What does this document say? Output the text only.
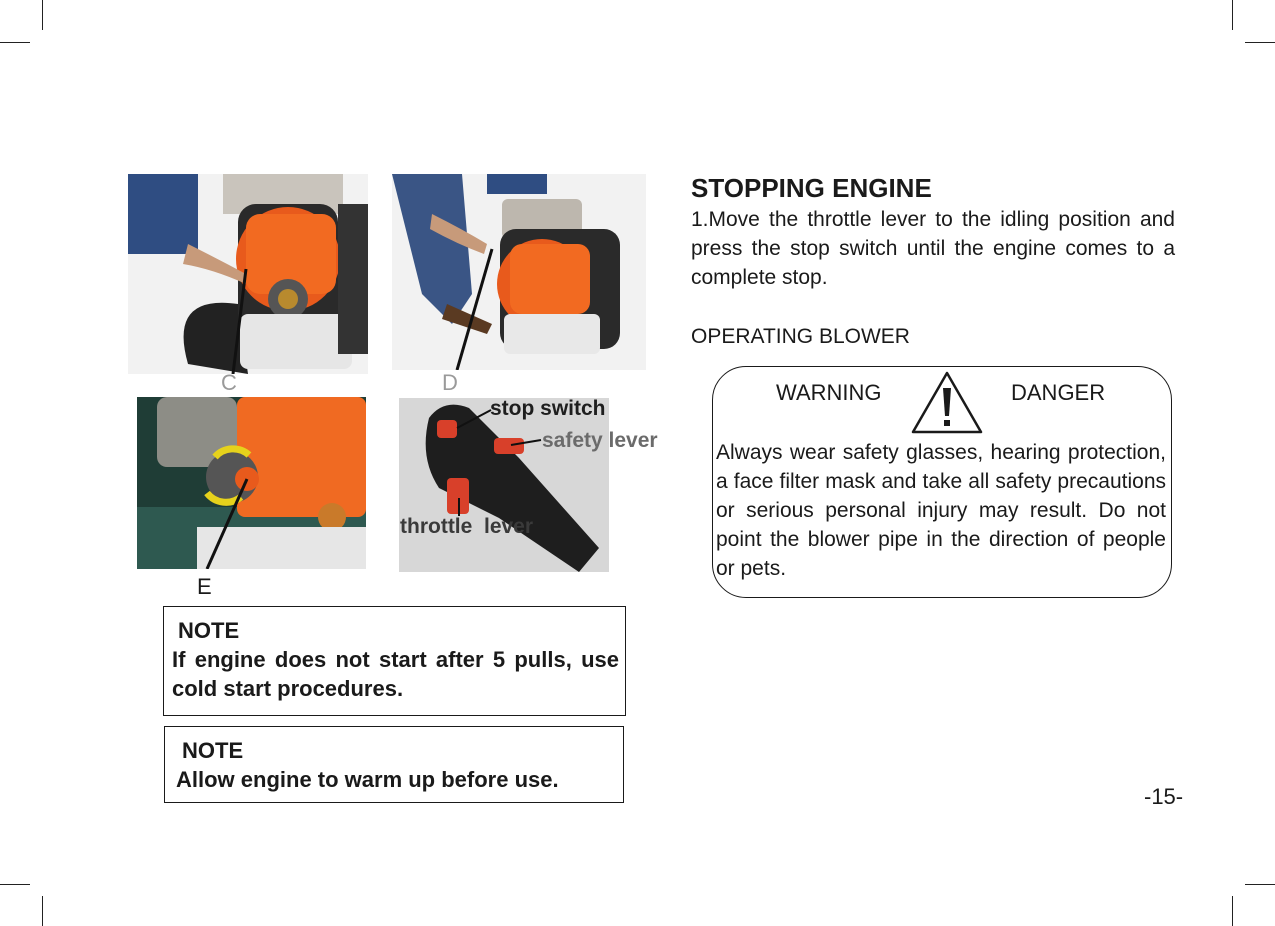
C	D
E
stop switch
safety lever
throttle  lever
NOTE
If engine does not start after 5 pulls, use cold start procedures.
NOTE
Allow engine to warm up before use.
STOPPING ENGINE
1.Move the throttle lever to the idling position and press the stop switch until the engine comes to a complete stop.
OPERATING BLOWER
WARNING	DANGER
Always wear safety glasses, hearing protection, a face filter mask and take all safety precautions or serious personal injury may result. Do not point the blower pipe in the direction of people or pets.
-15-
